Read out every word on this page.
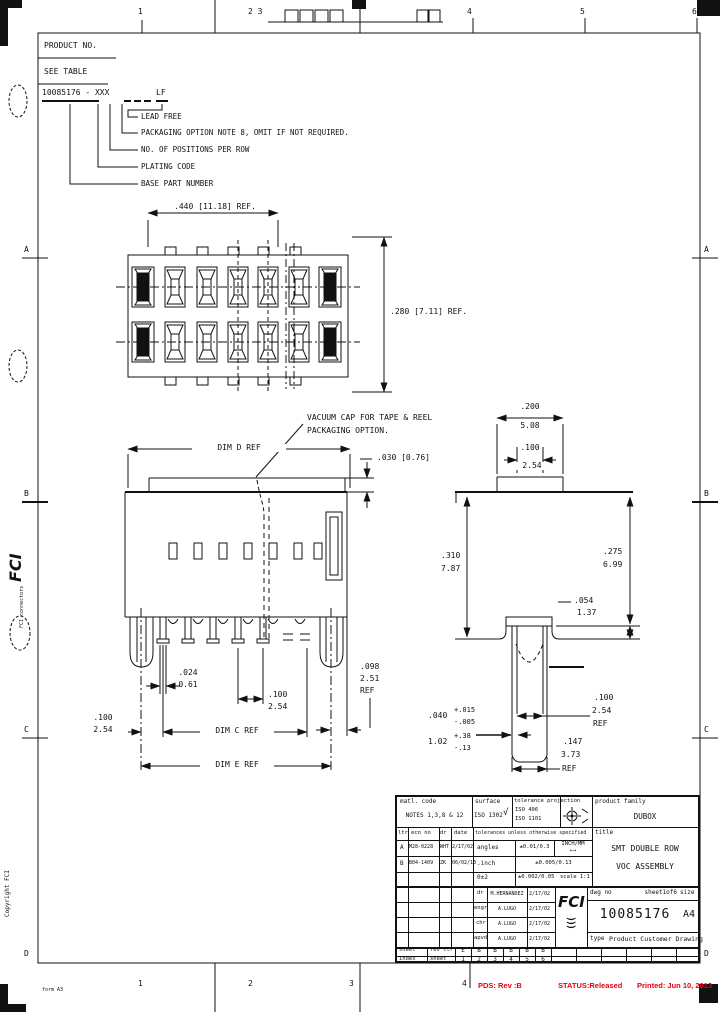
1	2 3	4	5	6
1	2	3	4
form A3
A
B
C
D
A
B
C
D
FCI
FCI connectors
Copyright FCI
PRODUCT NO.
SEE TABLE
10085176 - XXX	LF
LEAD FREE
PACKAGING OPTION NOTE 8, OMIT IF NOT REQUIRED.
NO. OF POSITIONS PER ROW
PLATING CODE
BASE PART NUMBER
.440 [11.18] REF.
.280 [7.11] REF.
VACUUM CAP FOR TAPE & REEL
PACKAGING OPTION.
DIM D REF
.030 [0.76]
.024
0.61
.100
2.54
.100
2.54	DIM C REF
.098
2.51
REF
DIM E REF
.200
5.08
.100
2.54
.310
7.87
.275
6.99
.054
1.37
.040
+.015
-.005
1.02
+.38
-.13
.100
2.54
REF
.147
3.73
REF
matl. code
NOTES 1,3,8 & 12
surface
ISO 1302 √
tolerance projection
ISO 406
ISO 1101
product family
DUBOX
ltr ecn no dr date
A M28-0228 WHT 2/17/02
B B04-1409 ZK 06/02/13
tolerances unless otherwise specified
angles
.inch
0±2
±0.01/0.3	INCH/MM
←→
±0.005/0.13
±0.002/0.05 scale 1:1
title
SMT DOUBLE ROW
VOC ASSEMBLY
dr	M.HERNANDEZ	2/17/02
engr	A.LUGO	2/17/02
chr	A.LUGO	2/17/02
apvd	A.LUGO	2/17/02
FCI
)))
dwg no	sheet1of6 size
10085176	A4
type Product Customer Drawing
sheet
index
rev ltr
sheet
E	B	B	B	B	B
1	2	3	4	5	6
PDS: Rev :B	STATUS:Released Printed: Jun 10, 2013
